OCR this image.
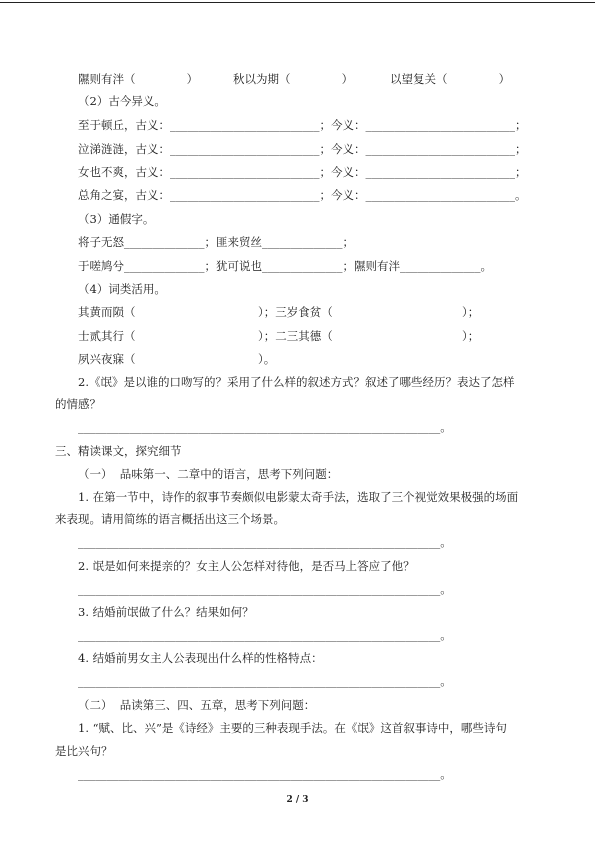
隰则有泮（              ）	秋以为期（              ）	以望复关（              ）
（2）古今异义。
至于顿丘，古义：__________________________；今义：__________________________；
泣涕涟涟，古义：__________________________；今义：__________________________；
女也不爽，古义：__________________________；今义：__________________________；
总角之宴，古义：__________________________；今义：__________________________。
（3）通假字。
将子无怒______________；匪来贸丝______________；
于嗟鸠兮______________；犹可说也______________；隰则有泮______________。
（4）词类活用。
其黄而陨（	）；三岁食贫（	）；
士贰其行（	）；二三其德（	）；
夙兴夜寐（	）。
2.《氓》是以谁的口吻写的？采用了什么样的叙述方式？叙述了哪些经历？表达了怎样
的情感？
_______________________________________________________________。
三、精读课文，探究细节
（一）  品味第一、二章中的语言，思考下列问题：
1. 在第一节中，诗作的叙事节奏颇似电影蒙太奇手法，选取了三个视觉效果极强的场面
来表现。请用简练的语言概括出这三个场景。
_______________________________________________________________。
2. 氓是如何来提亲的？女主人公怎样对待他，是否马上答应了他？
_______________________________________________________________。
3. 结婚前氓做了什么？结果如何？
_______________________________________________________________。
4. 结婚前男女主人公表现出什么样的性格特点：
_______________________________________________________________。
（二）  品读第三、四、五章，思考下列问题：
1. “赋、比、兴”是《诗经》主要的三种表现手法。在《氓》这首叙事诗中，哪些诗句
是比兴句？
_______________________________________________________________。
2 / 3
